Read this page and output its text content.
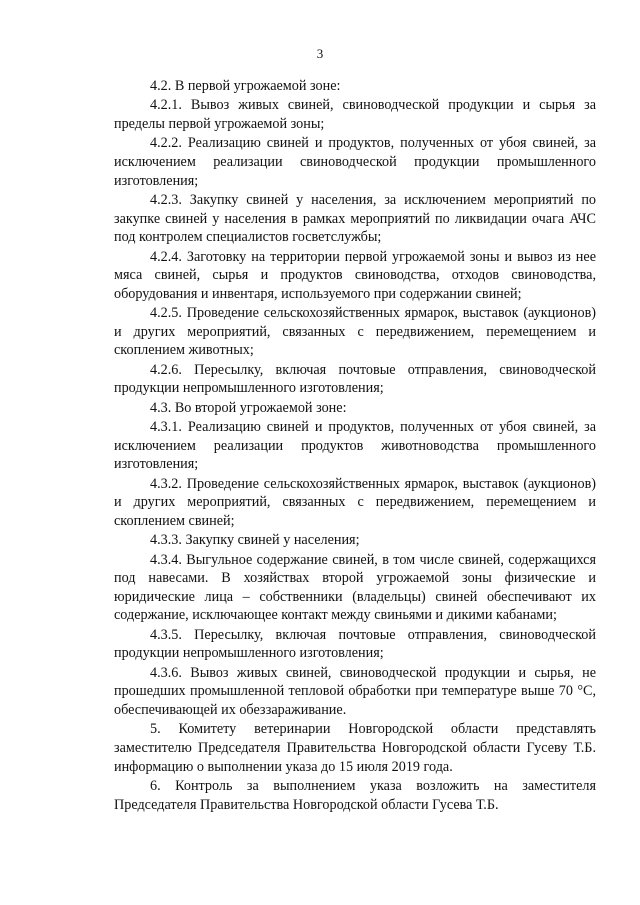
3

4.2. В первой угрожаемой зоне:

4.2.1. Вывоз живых свиней, свиноводческой продукции и сырья за пределы первой угрожаемой зоны;

4.2.2. Реализацию свиней и продуктов, полученных от убоя свиней, за исключением реализации свиноводческой продукции промышленного изготовления;

4.2.3. Закупку свиней у населения, за исключением мероприятий по закупке свиней у населения в рамках мероприятий по ликвидации очага АЧС под контролем специалистов госветслужбы;

4.2.4. Заготовку на территории первой угрожаемой зоны и вывоз из нее мяса свиней, сырья и продуктов свиноводства, отходов свиноводства, оборудования и инвентаря, используемого при содержании свиней;

4.2.5. Проведение сельскохозяйственных ярмарок, выставок (аукционов) и других мероприятий, связанных с передвижением, перемещением и скоплением животных;

4.2.6. Пересылку, включая почтовые отправления, свиноводческой продукции непромышленного изготовления;

4.3. Во второй угрожаемой зоне:

4.3.1. Реализацию свиней и продуктов, полученных от убоя свиней, за исключением реализации продуктов животноводства промышленного изготовления;

4.3.2. Проведение сельскохозяйственных ярмарок, выставок (аукционов) и других мероприятий, связанных с передвижением, перемещением и скоплением свиней;

4.3.3. Закупку свиней у населения;

4.3.4. Выгульное содержание свиней, в том числе свиней, содержащихся под навесами. В хозяйствах второй угрожаемой зоны физические и юридические лица – собственники (владельцы) свиней обеспечивают их содержание, исключающее контакт между свиньями и дикими кабанами;

4.3.5. Пересылку, включая почтовые отправления, свиноводческой продукции непромышленного изготовления;

4.3.6. Вывоз живых свиней, свиноводческой продукции и сырья, не прошедших промышленной тепловой обработки при температуре выше 70 °С, обеспечивающей их обеззараживание.

5. Комитету ветеринарии Новгородской области представлять заместителю Председателя Правительства Новгородской области Гусеву Т.Б. информацию о выполнении указа до 15 июля 2019 года.

6. Контроль за выполнением указа возложить на заместителя Председателя Правительства Новгородской области Гусева Т.Б.
